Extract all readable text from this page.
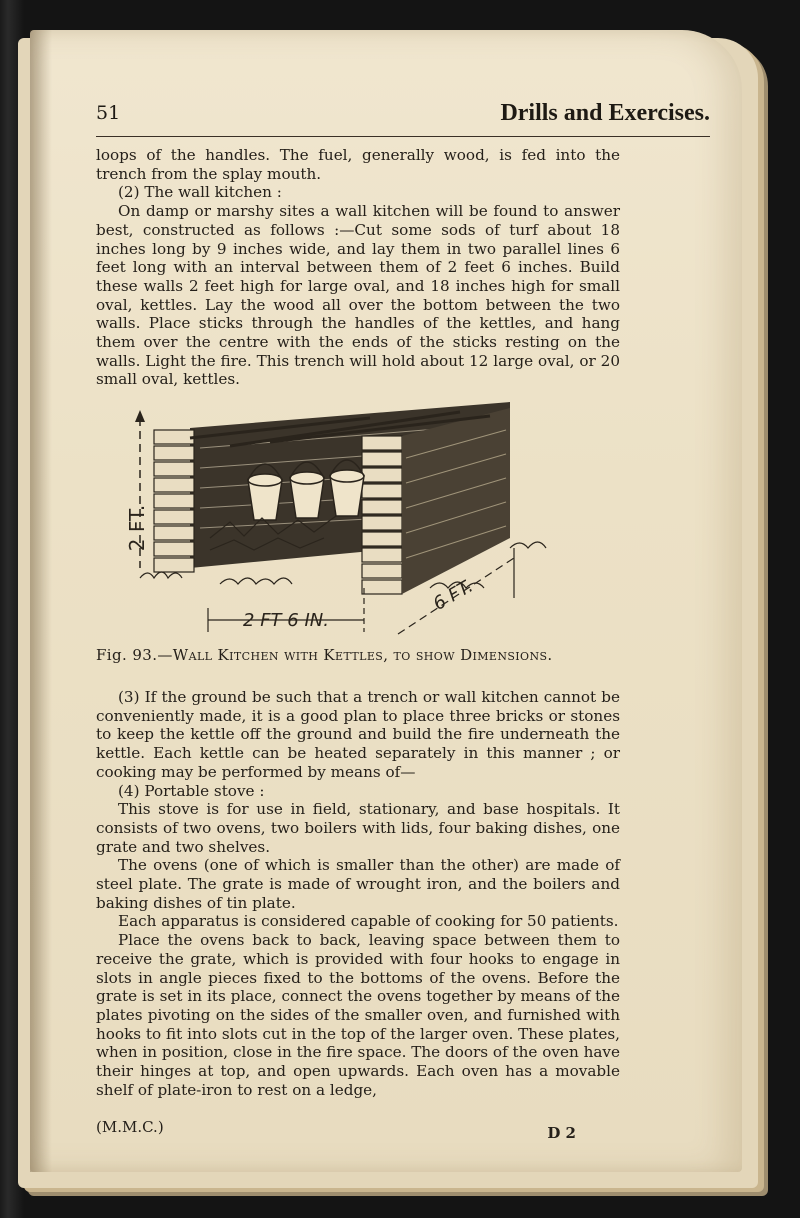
51	Drills and Exercises.

loops of the handles. The fuel, generally wood, is fed into the trench from the splay mouth.

(2) The wall kitchen :

On damp or marshy sites a wall kitchen will be found to answer best, constructed as follows :—Cut some sods of turf about 18 inches long by 9 inches wide, and lay them in two parallel lines 6 feet long with an interval between them of 2 feet 6 inches. Build these walls 2 feet high for large oval, and 18 inches high for small oval, kettles. Lay the wood all over the bottom between the two walls. Place sticks through the handles of the kettles, and hang them over the centre with the ends of the sticks resting on the walls. Light the fire. This trench will hold about 12 large oval, or 20 small oval, kettles.

2 FT.
2 FT 6 IN.
6 FT.
Fig. 93.—Wall Kitchen with Kettles, to show Dimensions.

(3) If the ground be such that a trench or wall kitchen cannot be conveniently made, it is a good plan to place three bricks or stones to keep the kettle off the ground and build the fire underneath the kettle. Each kettle can be heated separately in this manner ; or cooking may be performed by means of—

(4) Portable stove :

This stove is for use in field, stationary, and base hospitals. It consists of two ovens, two boilers with lids, four baking dishes, one grate and two shelves.

The ovens (one of which is smaller than the other) are made of steel plate. The grate is made of wrought iron, and the boilers and baking dishes of tin plate.

Each apparatus is considered capable of cooking for 50 patients.

Place the ovens back to back, leaving space between them to receive the grate, which is provided with four hooks to engage in slots in angle pieces fixed to the bottoms of the ovens. Before the grate is set in its place, connect the ovens together by means of the plates pivoting on the sides of the smaller oven, and furnished with hooks to fit into slots cut in the top of the larger oven. These plates, when in position, close in the fire space. The doors of the oven have their hinges at top, and open upwards. Each oven has a movable shelf of plate-iron to rest on a ledge,

(M.M.C.)	D 2
